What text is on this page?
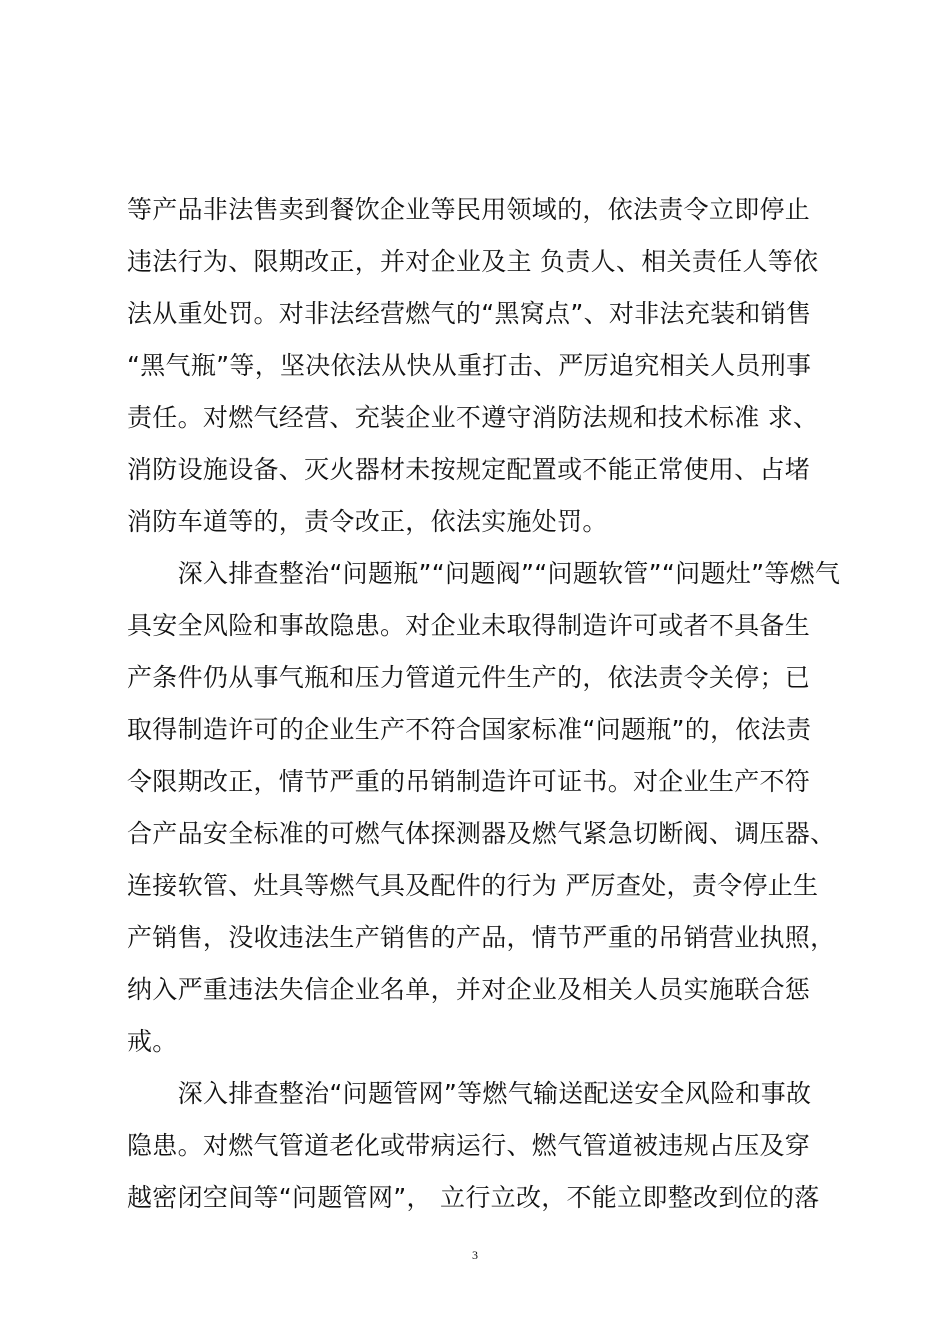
等产品非法售卖到餐饮企业等民用领域的，依法责令立即停止
违法行为、限期改正，并对企业及主 负责人、相关责任人等依
法从重处罚。对非法经营燃气的“黑窝点”、对非法充装和销售
“黑气瓶”等，坚决依法从快从重打击、严厉追究相关人员刑事
责任。对燃气经营、充装企业不遵守消防法规和技术标准 求、
消防设施设备、灭火器材未按规定配置或不能正常使用、占堵
消防车道等的，责令改正，依法实施处罚。
　　深入排查整治“问题瓶”“问题阀”“问题软管”“问题灶”等燃气
具安全风险和事故隐患。对企业未取得制造许可或者不具备生
产条件仍从事气瓶和压力管道元件生产的，依法责令关停；已
取得制造许可的企业生产不符合国家标准“问题瓶”的，依法责
令限期改正，情节严重的吊销制造许可证书。对企业生产不符
合产品安全标准的可燃气体探测器及燃气紧急切断阀、调压器、
连接软管、灶具等燃气具及配件的行为 严厉查处，责令停止生
产销售，没收违法生产销售的产品，情节严重的吊销营业执照，
纳入严重违法失信企业名单，并对企业及相关人员实施联合惩
戒。
　　深入排查整治“问题管网”等燃气输送配送安全风险和事故
隐患。对燃气管道老化或带病运行、燃气管道被违规占压及穿
越密闭空间等“问题管网”， 立行立改，不能立即整改到位的落
3
